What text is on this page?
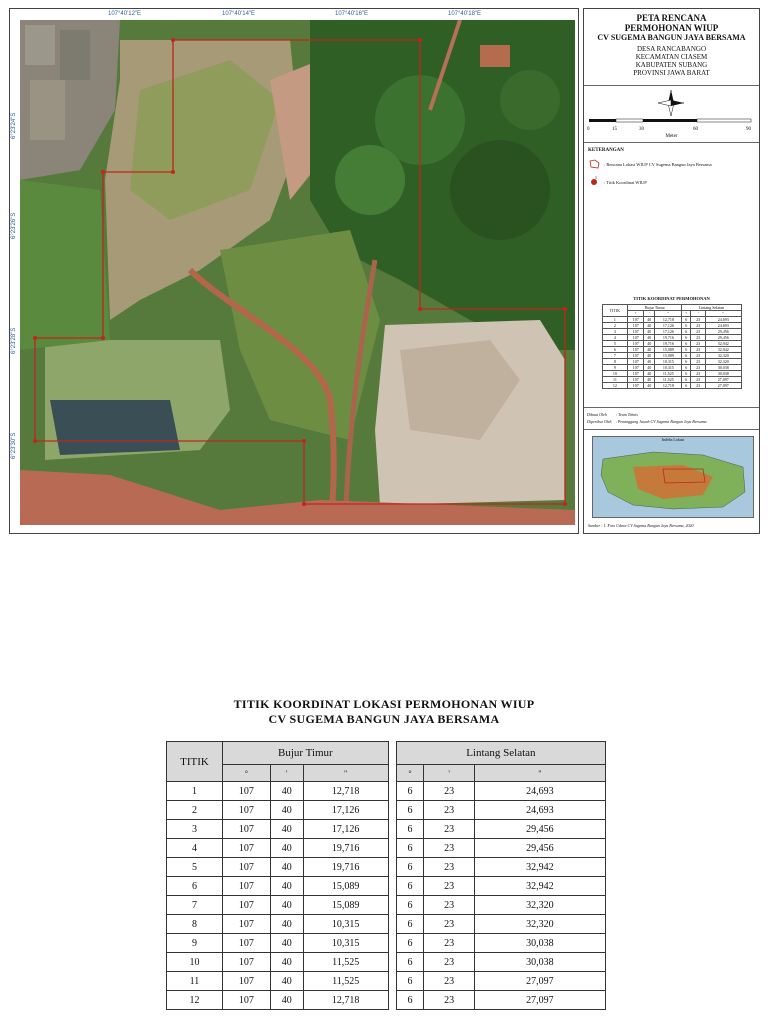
107°40'12"E	107°40'14"E	107°40'16"E	107°40'18"E
6°23'24"S
6°23'26"S
6°23'28"S
6°23'30"S
PETA RENCANA
PERMOHONAN WIUP
CV SUGEMA BANGUN JAYA BERSAMA
DESA RANCABANGO
KECAMATAN CIASEM
KABUPATEN SUBANG
PROVINSI JAWA BARAT
0	15	30	60	90
Meter
KETERANGAN
: Rencana Lokasi WIUP CV Sugema Bangun Jaya Bersama
1
: Titik Koordinat WIUP
TITIK KOORDINAT PERMOHONAN
TITIK	Bujur Timur			Lintang Selatan		
	°	'	"	°	'	"
1	107	40	12,718	6	23	24,693
2	107	40	17,126	6	23	24,693
3	107	40	17,126	6	23	29,456
4	107	40	19,716	6	23	29,456
5	107	40	19,716	6	23	32,942
6	107	40	15,089	6	23	32,942
7	107	40	15,089	6	23	32,320
8	107	40	10,315	6	23	32,320
9	107	40	10,315	6	23	30,038
10	107	40	11,525	6	23	30,038
11	107	40	11,525	6	23	27,097
12	107	40	12,718	6	23	27,097
Dibuat Oleh : Team Teknis
Diperiksa Oleh : Penanggung Jawab CV Sugema Bangun Jaya Bersama
Indeks Lokasi
Sumber : 1. Foto Udara CV Sugema Bangun Jaya Bersama, 2020
TITIK KOORDINAT LOKASI PERMOHONAN WIUP
CV SUGEMA BANGUN JAYA BERSAMA
TITIK	Bujur Timur				Lintang Selatan		
	°	'	"		°	'	"
1	107	40	12,718		6	23	24,693
2	107	40	17,126		6	23	24,693
3	107	40	17,126		6	23	29,456
4	107	40	19,716		6	23	29,456
5	107	40	19,716		6	23	32,942
6	107	40	15,089		6	23	32,942
7	107	40	15,089		6	23	32,320
8	107	40	10,315		6	23	32,320
9	107	40	10,315		6	23	30,038
10	107	40	11,525		6	23	30,038
11	107	40	11,525		6	23	27,097
12	107	40	12,718		6	23	27,097
